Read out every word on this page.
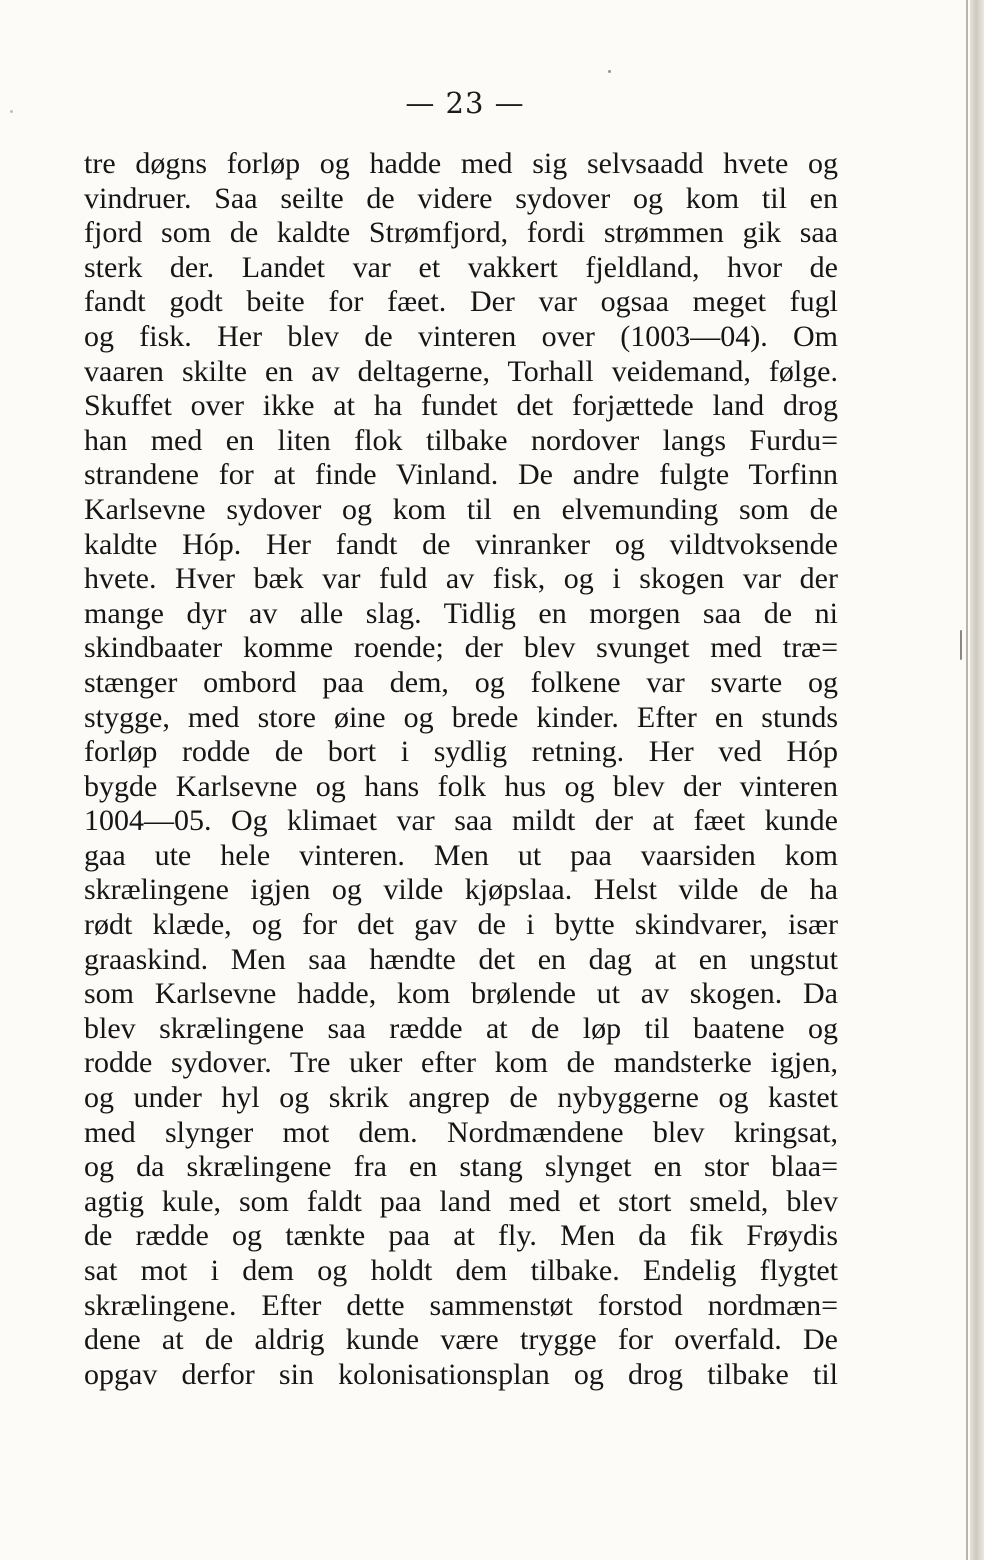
— 23 —
tre døgns forløp og hadde med sig selvsaadd hvete og
vindruer. Saa seilte de videre sydover og kom til en
fjord som de kaldte Strømfjord, fordi strømmen gik saa
sterk der. Landet var et vakkert fjeldland, hvor de
fandt godt beite for fæet. Der var ogsaa meget fugl
og fisk. Her blev de vinteren over (1003—04). Om
vaaren skilte en av deltagerne, Torhall veidemand, følge.
Skuffet over ikke at ha fundet det forjættede land drog
han med en liten flok tilbake nordover langs Furdu=
strandene for at finde Vinland. De andre fulgte Torfinn
Karlsevne sydover og kom til en elvemunding som de
kaldte Hóp. Her fandt de vinranker og vildtvoksende
hvete. Hver bæk var fuld av fisk, og i skogen var der
mange dyr av alle slag. Tidlig en morgen saa de ni
skindbaater komme roende; der blev svunget med træ=
stænger ombord paa dem, og folkene var svarte og
stygge, med store øine og brede kinder. Efter en stunds
forløp rodde de bort i sydlig retning. Her ved Hóp
bygde Karlsevne og hans folk hus og blev der vinteren
1004—05. Og klimaet var saa mildt der at fæet kunde
gaa ute hele vinteren. Men ut paa vaarsiden kom
skrælingene igjen og vilde kjøpslaa. Helst vilde de ha
rødt klæde, og for det gav de i bytte skindvarer, især
graaskind. Men saa hændte det en dag at en ungstut
som Karlsevne hadde, kom brølende ut av skogen. Da
blev skrælingene saa rædde at de løp til baatene og
rodde sydover. Tre uker efter kom de mandsterke igjen,
og under hyl og skrik angrep de nybyggerne og kastet
med slynger mot dem. Nordmændene blev kringsat,
og da skrælingene fra en stang slynget en stor blaa=
agtig kule, som faldt paa land med et stort smeld, blev
de rædde og tænkte paa at fly. Men da fik Frøydis
sat mot i dem og holdt dem tilbake. Endelig flygtet
skrælingene. Efter dette sammenstøt forstod nordmæn=
dene at de aldrig kunde være trygge for overfald. De
opgav derfor sin kolonisationsplan og drog tilbake til
